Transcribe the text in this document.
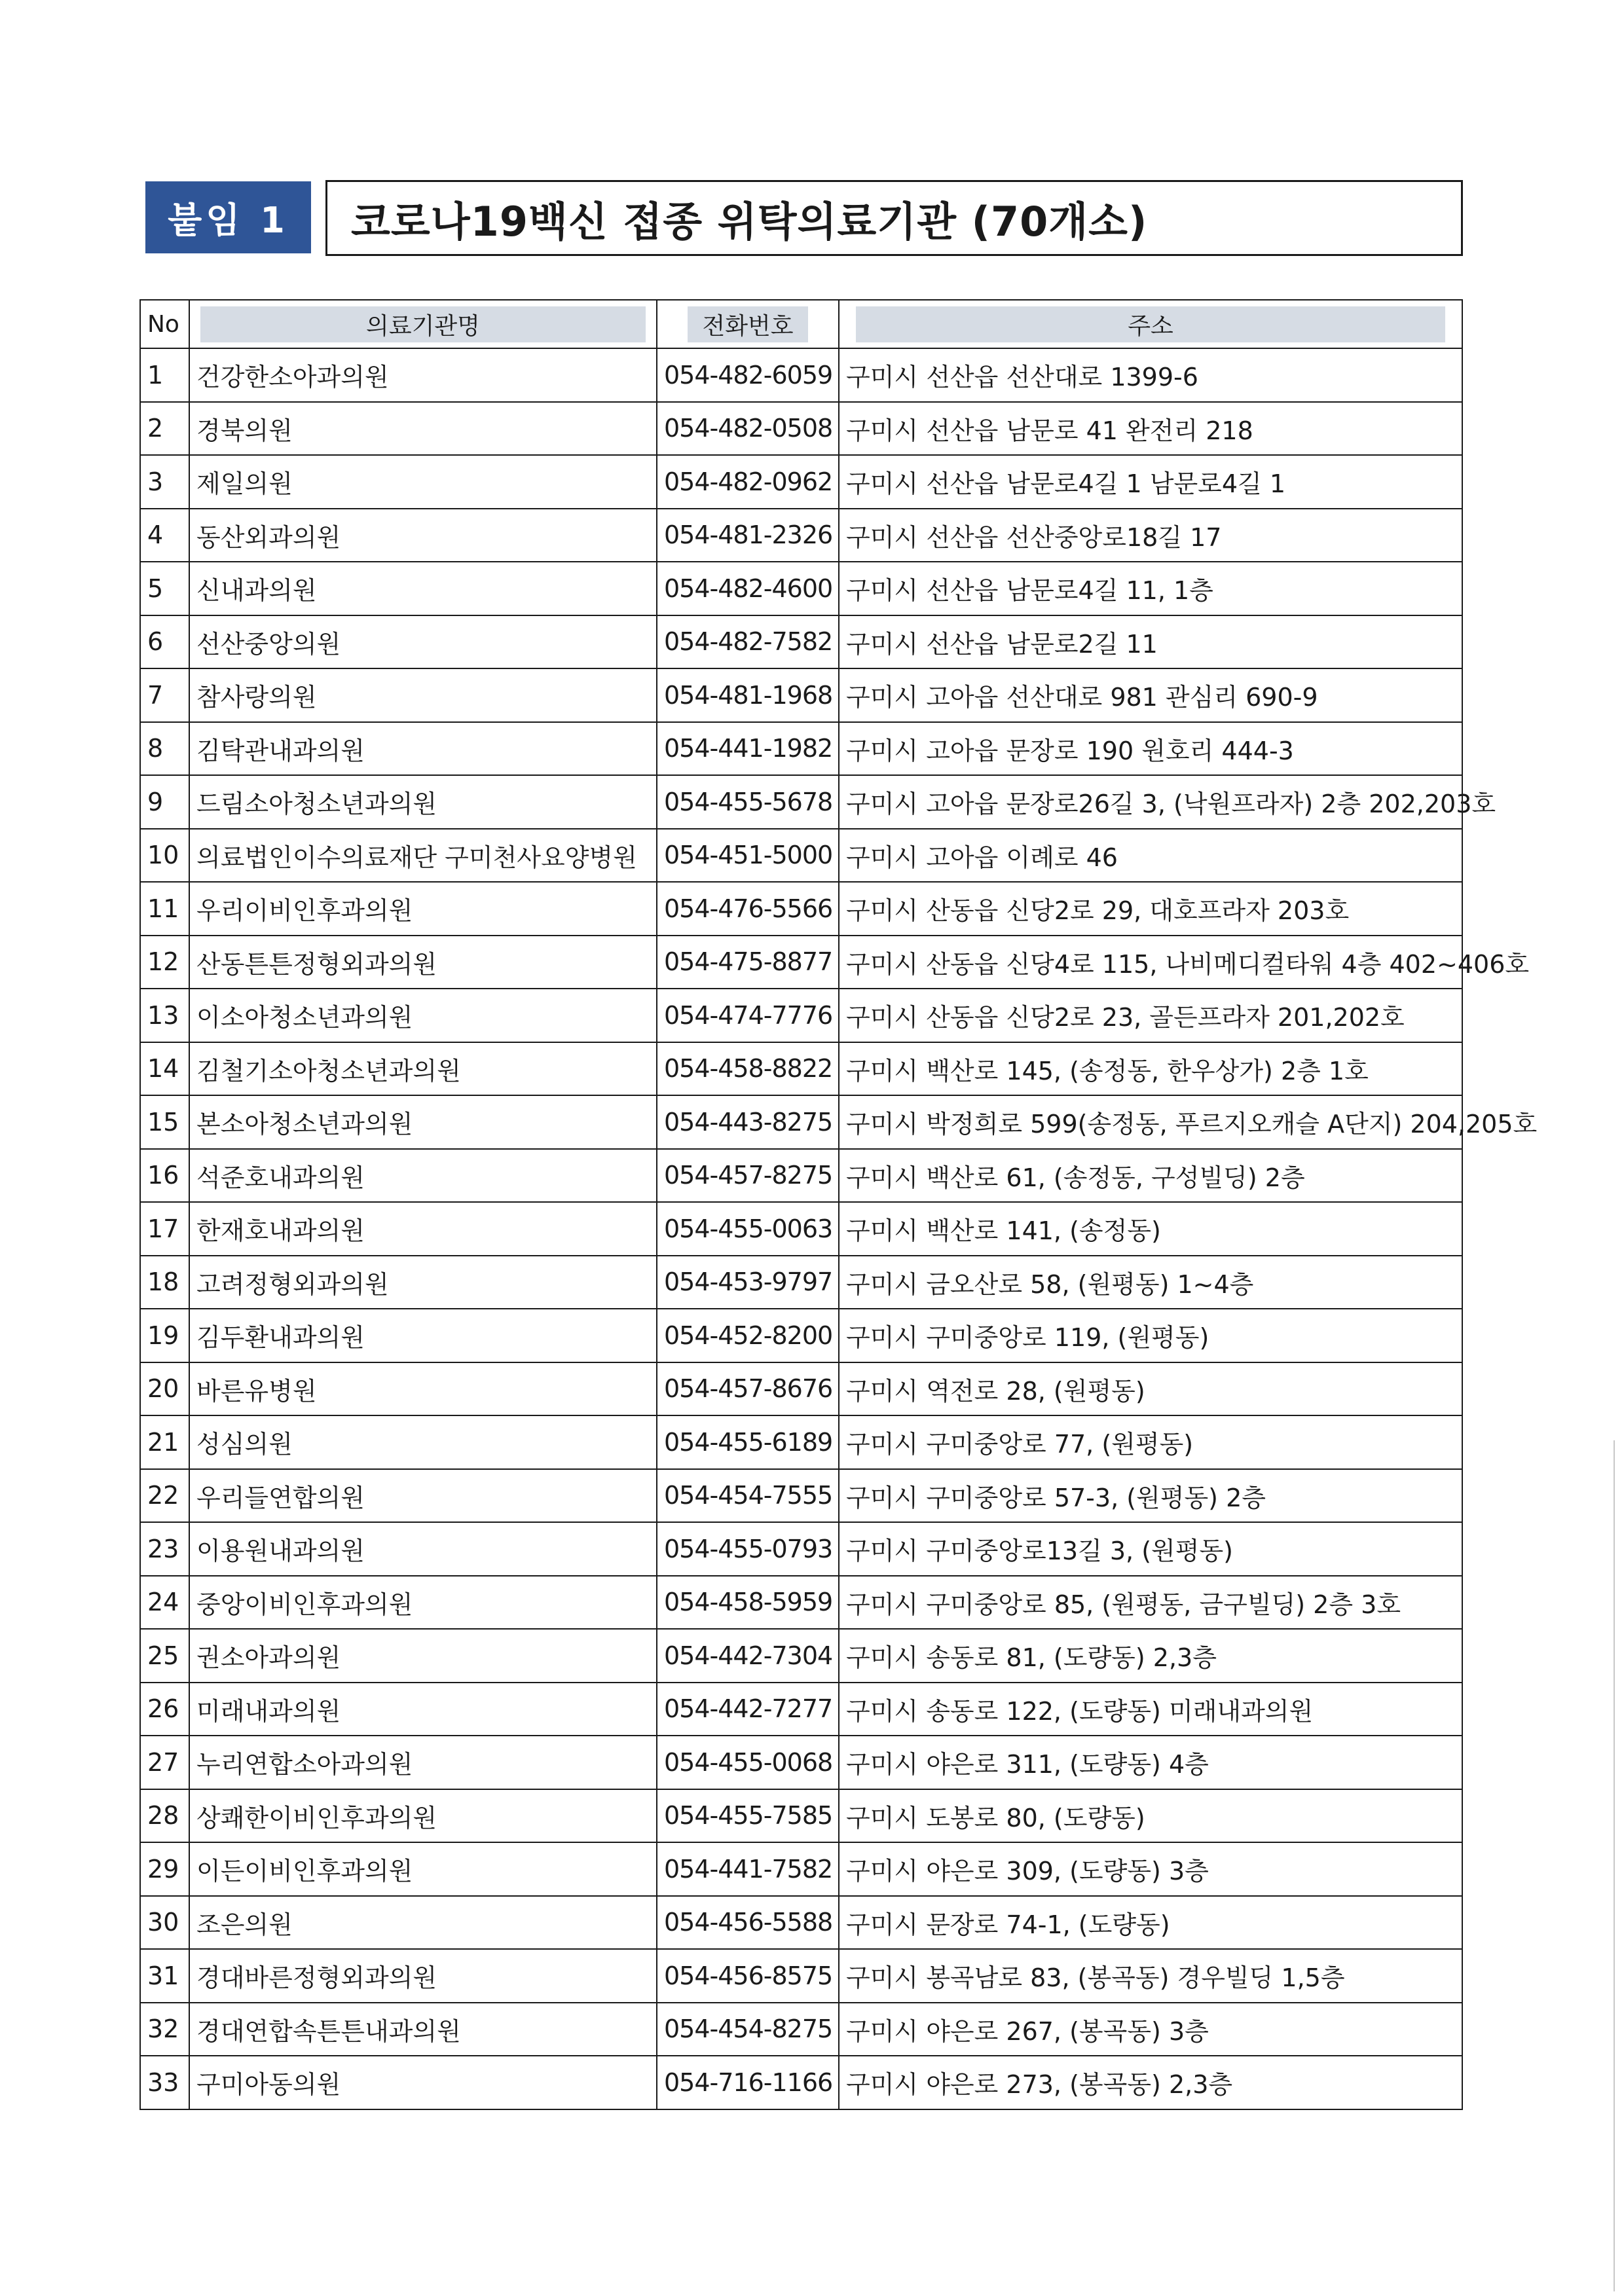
붙임 1	코로나19백신 접종 위탁의료기관 (70개소)
No	의료기관명	전화번호	주소

1	건강한소아과의원	054-482-6059	구미시 선산읍 선산대로 1399-6
2	경북의원	054-482-0508	구미시 선산읍 남문로 41 완전리 218
3	제일의원	054-482-0962	구미시 선산읍 남문로4길 1 남문로4길 1
4	동산외과의원	054-481-2326	구미시 선산읍 선산중앙로18길 17
5	신내과의원	054-482-4600	구미시 선산읍 남문로4길 11, 1층
6	선산중앙의원	054-482-7582	구미시 선산읍 남문로2길 11
7	참사랑의원	054-481-1968	구미시 고아읍 선산대로 981 관심리 690-9
8	김탁관내과의원	054-441-1982	구미시 고아읍 문장로 190 원호리 444-3
9	드림소아청소년과의원	054-455-5678	구미시 고아읍 문장로26길 3, (낙원프라자) 2층 202,203호
10	의료법인이수의료재단 구미천사요양병원	054-451-5000	구미시 고아읍 이례로 46
11	우리이비인후과의원	054-476-5566	구미시 산동읍 신당2로 29, 대호프라자 203호
12	산동튼튼정형외과의원	054-475-8877	구미시 산동읍 신당4로 115, 나비메디컬타워 4층 402~406호
13	이소아청소년과의원	054-474-7776	구미시 산동읍 신당2로 23, 골든프라자 201,202호
14	김철기소아청소년과의원	054-458-8822	구미시 백산로 145, (송정동, 한우상가) 2층 1호
15	본소아청소년과의원	054-443-8275	구미시 박정희로 599(송정동, 푸르지오캐슬 A단지) 204,205호
16	석준호내과의원	054-457-8275	구미시 백산로 61, (송정동, 구성빌딩) 2층
17	한재호내과의원	054-455-0063	구미시 백산로 141, (송정동)
18	고려정형외과의원	054-453-9797	구미시 금오산로 58, (원평동) 1~4층
19	김두환내과의원	054-452-8200	구미시 구미중앙로 119, (원평동)
20	바른유병원	054-457-8676	구미시 역전로 28, (원평동)
21	성심의원	054-455-6189	구미시 구미중앙로 77, (원평동)
22	우리들연합의원	054-454-7555	구미시 구미중앙로 57-3, (원평동) 2층
23	이용원내과의원	054-455-0793	구미시 구미중앙로13길 3, (원평동)
24	중앙이비인후과의원	054-458-5959	구미시 구미중앙로 85, (원평동, 금구빌딩) 2층 3호
25	권소아과의원	054-442-7304	구미시 송동로 81, (도량동) 2,3층
26	미래내과의원	054-442-7277	구미시 송동로 122, (도량동) 미래내과의원
27	누리연합소아과의원	054-455-0068	구미시 야은로 311, (도량동) 4층
28	상쾌한이비인후과의원	054-455-7585	구미시 도봉로 80, (도량동)
29	이든이비인후과의원	054-441-7582	구미시 야은로 309, (도량동) 3층
30	조은의원	054-456-5588	구미시 문장로 74-1, (도량동)
31	경대바른정형외과의원	054-456-8575	구미시 봉곡남로 83, (봉곡동) 경우빌딩 1,5층
32	경대연합속튼튼내과의원	054-454-8275	구미시 야은로 267, (봉곡동) 3층
33	구미아동의원	054-716-1166	구미시 야은로 273, (봉곡동) 2,3층
